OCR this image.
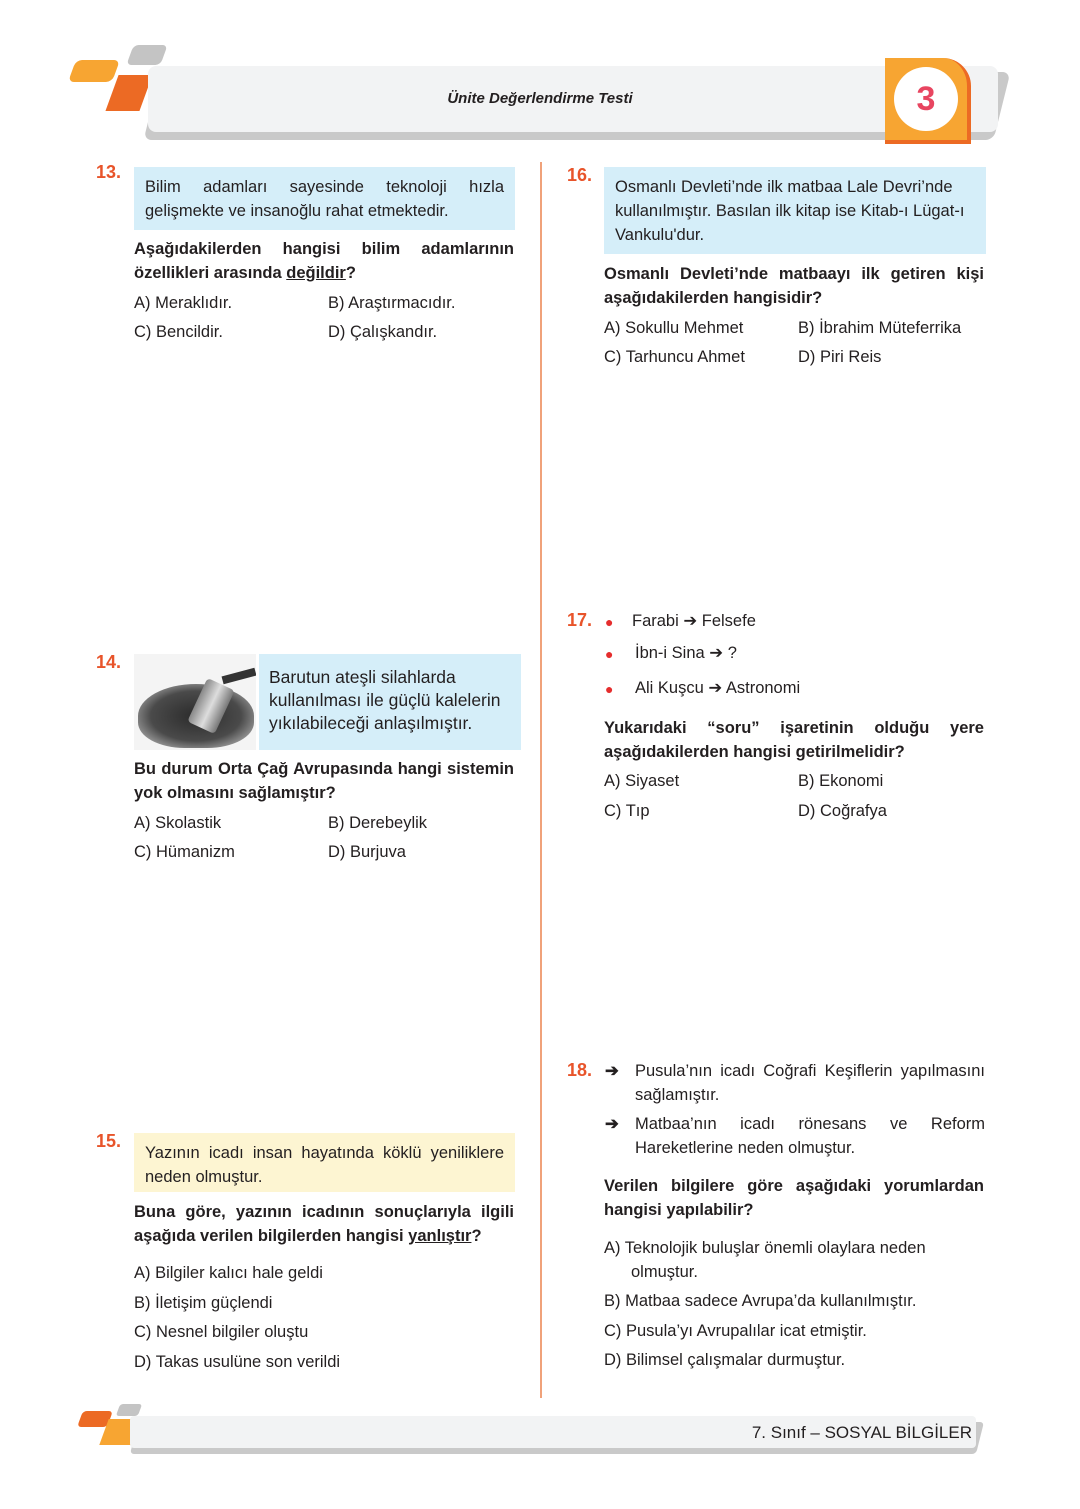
Ünite Değerlendirme Testi	3
13.
Bilim adamları sayesinde teknoloji hızla gelişmekte ve insanoğlu rahat etmektedir.
Aşağıdakilerden hangisi bilim adamlarının özellikleri arasında değildir?
A) Meraklıdır.	B) Araştırmacıdır.
C) Bencildir.	D) Çalışkandır.
14.
Barutun ateşli silahlarda kullanılması ile güçlü kalelerin yıkılabileceği anlaşılmıştır.
Bu durum Orta Çağ Avrupasında hangi sistemin yok olmasını sağlamıştır?
A) Skolastik	B) Derebeylik
C) Hümanizm	D) Burjuva
15.
Yazının icadı insan hayatında köklü yeniliklere neden olmuştur.
Buna göre, yazının icadının sonuçlarıyla ilgili aşağıda verilen bilgilerden hangisi yanlıştır?
A) Bilgiler kalıcı hale geldi
B) İletişim güçlendi
C) Nesnel bilgiler oluştu
D) Takas usulüne son verildi
16.
Osmanlı Devleti’nde ilk matbaa Lale Devri’nde kullanılmıştır. Basılan ilk kitap ise Kitab-ı Lügat-ı Vankulu'dur.
Osmanlı Devleti’nde matbaayı ilk getiren kişi aşağıdakilerden hangisidir?
A) Sokullu Mehmet	B) İbrahim Müteferrika
C) Tarhuncu Ahmet	D) Piri Reis
17. ● Farabi ➔ Felsefe
● İbn-i Sina ➔ ?
● Ali Kuşcu ➔ Astronomi
Yukarıdaki “soru” işaretinin olduğu yere aşağıdakilerden hangisi getirilmelidir?
A) Siyaset	B) Ekonomi
C) Tıp	D) Coğrafya
18. ➔ Pusula’nın icadı Coğrafi Keşiflerin yapılmasını sağlamıştır.
➔ Matbaa’nın icadı rönesans ve Reform Hareketlerine neden olmuştur.
Verilen bilgilere göre aşağıdaki yorumlardan hangisi yapılabilir?
A) Teknolojik buluşlar önemli olaylara neden olmuştur.
B) Matbaa sadece Avrupa’da kullanılmıştır.
C) Pusula’yı Avrupalılar icat etmiştir.
D) Bilimsel çalışmalar durmuştur.
7. Sınıf – SOSYAL BİLGİLER
